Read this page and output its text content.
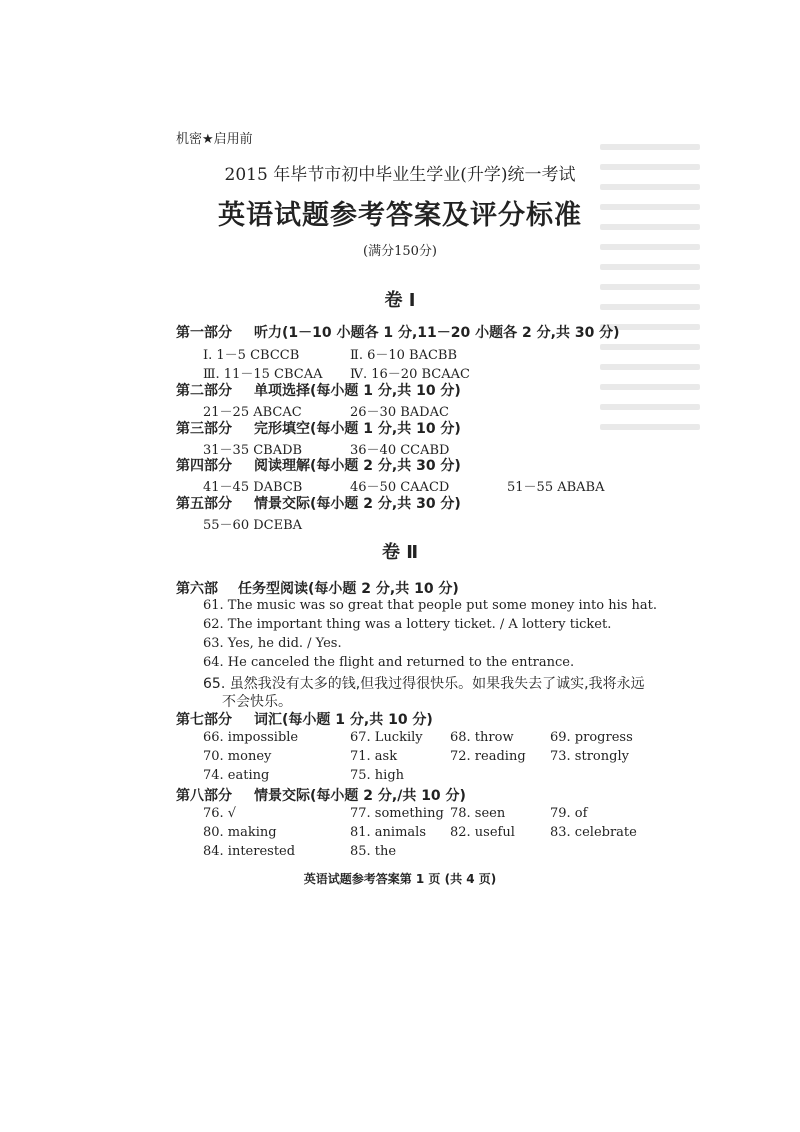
机密★启用前
2015 年毕节市初中毕业生学业(升学)统一考试
英语试题参考答案及评分标准
(满分150分)
卷 Ⅰ
第一部分 听力(1－10 小题各 1 分,11－20 小题各 2 分,共 30 分)
Ⅰ. 1－5 CBCCB	Ⅱ. 6－10 BACBB
Ⅲ. 11－15 CBCAA Ⅳ. 16－20 BCAAC
第二部分 单项选择(每小题 1 分,共 10 分)
21－25 ABCAC	26－30 BADAC
第三部分 完形填空(每小题 1 分,共 10 分)
31－35 CBADB	36－40 CCABD
第四部分 阅读理解(每小题 2 分,共 30 分)
41－45 DABCB	46－50 CAACD	51－55 ABABA
第五部分 情景交际(每小题 2 分,共 30 分)
55－60 DCEBA
卷 Ⅱ
第六部 任务型阅读(每小题 2 分,共 10 分)
61. The music was so great that people put some money into his hat.
62. The important thing was a lottery ticket. / A lottery ticket.
63. Yes, he did. / Yes.
64. He canceled the flight and returned to the entrance.
65. 虽然我没有太多的钱,但我过得很快乐。如果我失去了诚实,我将永远
不会快乐。
第七部分 词汇(每小题 1 分,共 10 分)
66. impossible	67. Luckily 68. throw	69. progress
70. money	71. ask	72. reading 73. strongly
74. eating	75. high
第八部分 情景交际(每小题 2 分,/共 10 分)
76. √	77. something 78. seen	79. of
80. making	81. animals 82. useful	83. celebrate
84. interested	85. the
英语试题参考答案第 1 页 (共 4 页)
